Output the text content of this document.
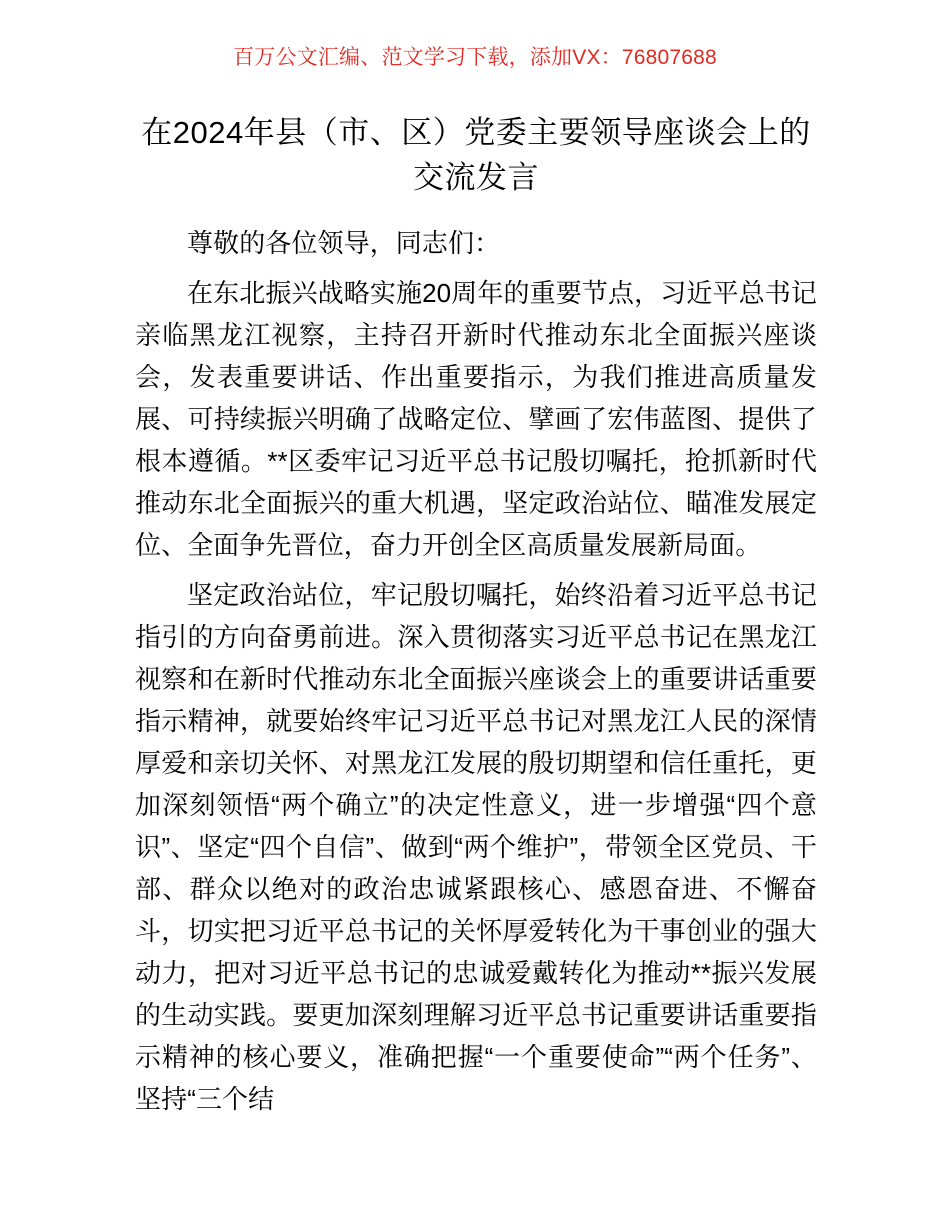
百万公文汇编、范文学习下载，添加VX：76807688
在2024年县（市、区）党委主要领导座谈会上的交流发言

尊敬的各位领导，同志们：

在东北振兴战略实施20周年的重要节点，习近平总书记亲临黑龙江视察，主持召开新时代推动东北全面振兴座谈会，发表重要讲话、作出重要指示，为我们推进高质量发展、可持续振兴明确了战略定位、擘画了宏伟蓝图、提供了根本遵循。**区委牢记习近平总书记殷切嘱托，抢抓新时代推动东北全面振兴的重大机遇，坚定政治站位、瞄准发展定位、全面争先晋位，奋力开创全区高质量发展新局面。

坚定政治站位，牢记殷切嘱托，始终沿着习近平总书记指引的方向奋勇前进。深入贯彻落实习近平总书记在黑龙江视察和在新时代推动东北全面振兴座谈会上的重要讲话重要指示精神，就要始终牢记习近平总书记对黑龙江人民的深情厚爱和亲切关怀、对黑龙江发展的殷切期望和信任重托，更加深刻领悟“两个确立”的决定性意义，进一步增强“四个意识”、坚定“四个自信”、做到“两个维护”，带领全区党员、干部、群众以绝对的政治忠诚紧跟核心、感恩奋进、不懈奋斗，切实把习近平总书记的关怀厚爱转化为干事创业的强大动力，把对习近平总书记的忠诚爱戴转化为推动**振兴发展的生动实践。要更加深刻理解习近平总书记重要讲话重要指示精神的核心要义，准确把握“一个重要使命”“两个任务”、坚持“三个结
